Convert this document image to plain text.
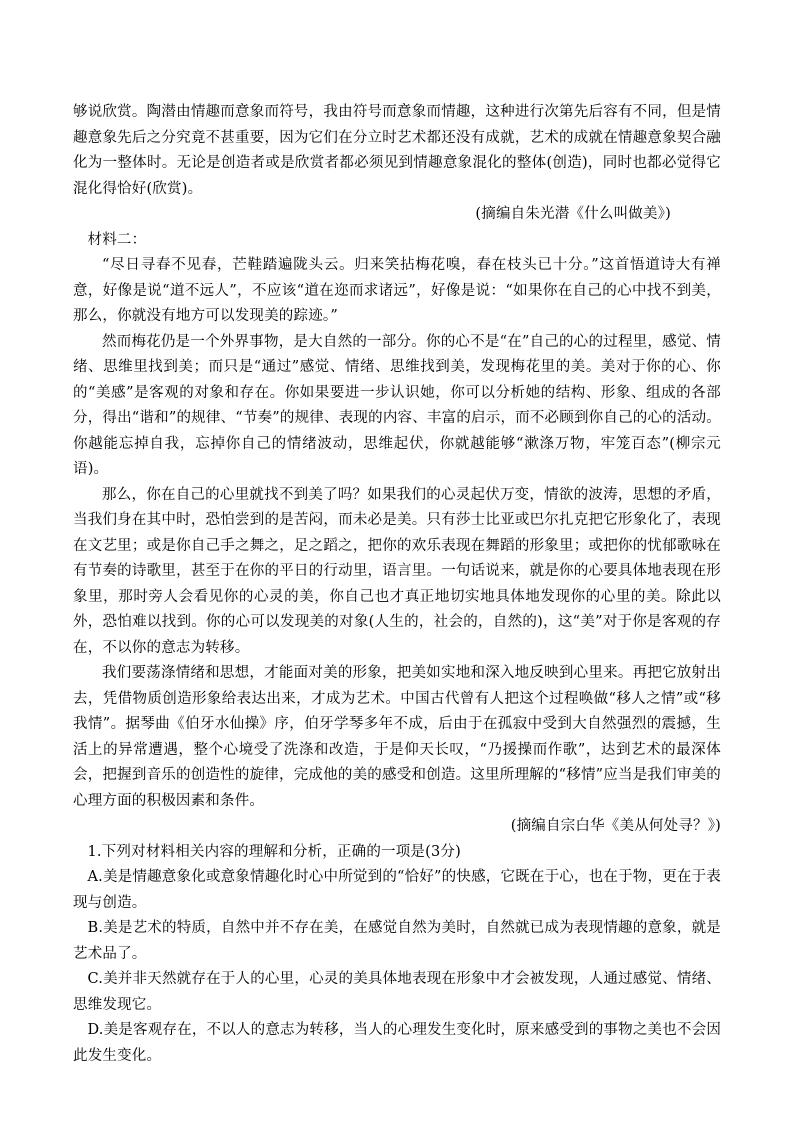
够说欣赏。陶潜由情趣而意象而符号，我由符号而意象而情趣，这种进行次第先后容有不同，但是情趣意象先后之分究竟不甚重要，因为它们在分立时艺术都还没有成就，艺术的成就在情趣意象契合融化为一整体时。无论是创造者或是欣赏者都必须见到情趣意象混化的整体(创造)，同时也都必觉得它混化得恰好(欣赏)。

(摘编自朱光潜《什么叫做美》)

材料二：

“尽日寻春不见春，芒鞋踏遍陇头云。归来笑拈梅花嗅，春在枝头已十分。”这首悟道诗大有禅意，好像是说“道不远人”，不应该“道在迩而求诸远”，好像是说：“如果你在自己的心中找不到美，那么，你就没有地方可以发现美的踪迹。”

然而梅花仍是一个外界事物，是大自然的一部分。你的心不是“在”自己的心的过程里，感觉、情绪、思维里找到美；而只是“通过”感觉、情绪、思维找到美，发现梅花里的美。美对于你的心、你的“美感”是客观的对象和存在。你如果要进一步认识她，你可以分析她的结构、形象、组成的各部分，得出“谐和”的规律、“节奏”的规律、表现的内容、丰富的启示，而不必顾到你自己的心的活动。你越能忘掉自我，忘掉你自己的情绪波动，思维起伏，你就越能够“漱涤万物，牢笼百态”(柳宗元语)。

那么，你在自己的心里就找不到美了吗？如果我们的心灵起伏万变，情欲的波涛，思想的矛盾，当我们身在其中时，恐怕尝到的是苦闷，而未必是美。只有莎士比亚或巴尔扎克把它形象化了，表现在文艺里；或是你自己手之舞之，足之蹈之，把你的欢乐表现在舞蹈的形象里；或把你的忧郁歌咏在有节奏的诗歌里，甚至于在你的平日的行动里，语言里。一句话说来，就是你的心要具体地表现在形象里，那时旁人会看见你的心灵的美，你自己也才真正地切实地具体地发现你的心里的美。除此以外，恐怕难以找到。你的心可以发现美的对象(人生的，社会的，自然的)，这“美”对于你是客观的存在，不以你的意志为转移。

我们要荡涤情绪和思想，才能面对美的形象，把美如实地和深入地反映到心里来。再把它放射出去，凭借物质创造形象给表达出来，才成为艺术。中国古代曾有人把这个过程唤做“移人之情”或“移我情”。据琴曲《伯牙水仙操》序，伯牙学琴多年不成，后由于在孤寂中受到大自然强烈的震撼，生活上的异常遭遇，整个心境受了洗涤和改造，于是仰天长叹，“乃援操而作歌”，达到艺术的最深体会，把握到音乐的创造性的旋律，完成他的美的感受和创造。这里所理解的“移情”应当是我们审美的心理方面的积极因素和条件。

(摘编自宗白华《美从何处寻？》)

1.下列对材料相关内容的理解和分析，正确的一项是(3分)

A.美是情趣意象化或意象情趣化时心中所觉到的“恰好”的快感，它既在于心，也在于物，更在于表现与创造。

B.美是艺术的特质，自然中并不存在美，在感觉自然为美时，自然就已成为表现情趣的意象，就是艺术品了。

C.美并非天然就存在于人的心里，心灵的美具体地表现在形象中才会被发现，人通过感觉、情绪、思维发现它。

D.美是客观存在，不以人的意志为转移，当人的心理发生变化时，原来感受到的事物之美也不会因此发生变化。
